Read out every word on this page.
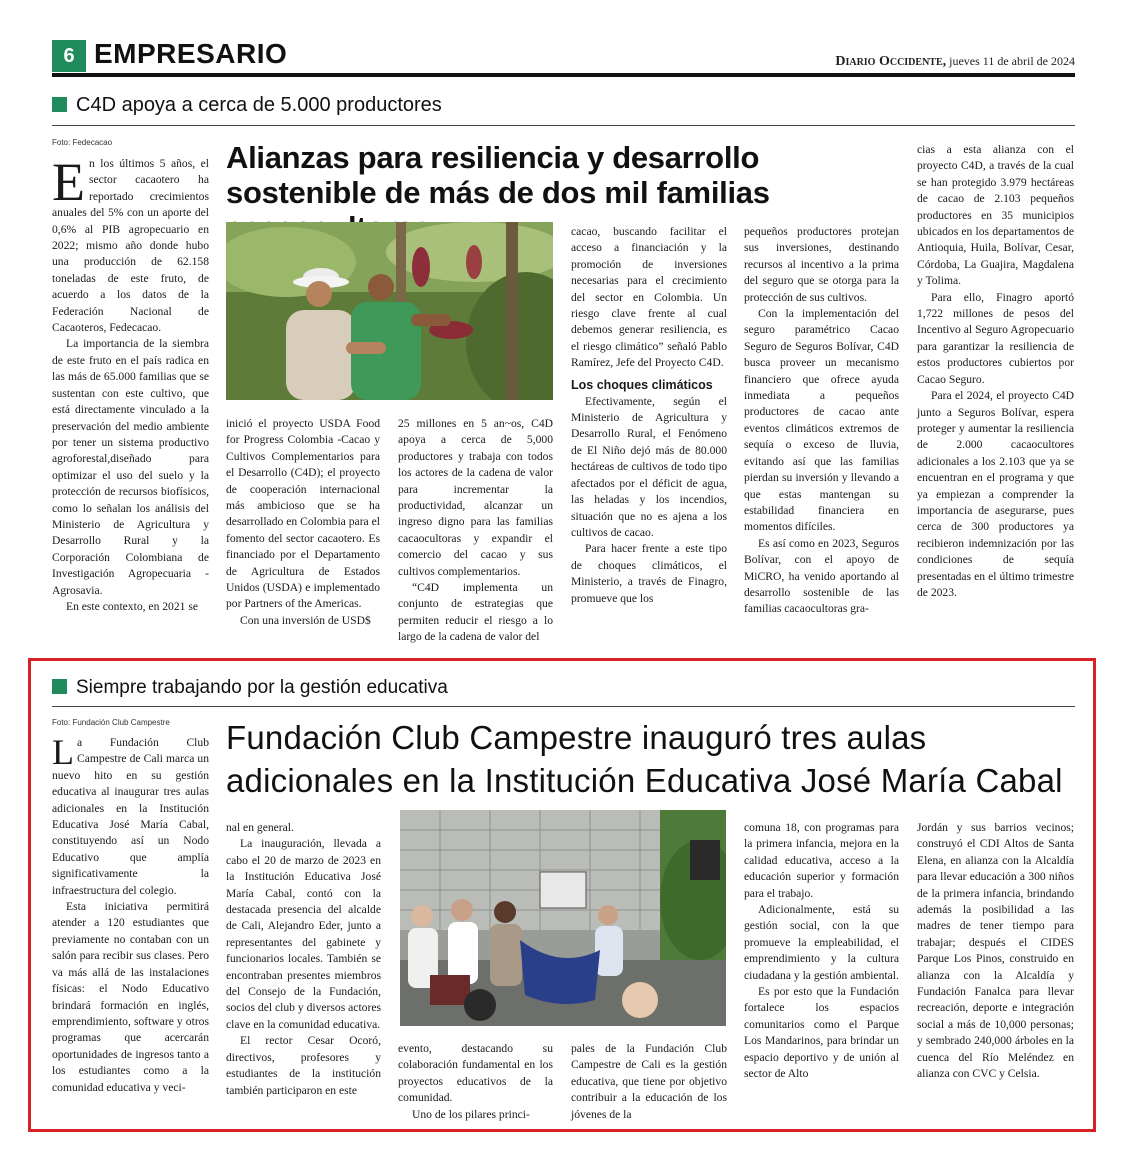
6 EMPRESARIO	Diario Occidente, jueves 11 de abril de 2024
C4D apoya a cerca de 5.000 productores
Foto: Fedecacao

En los últimos 5 años, el sector cacaotero ha reportado crecimientos anuales del 5% con un aporte del 0,6% al PIB agropecuario en 2022; mismo año donde hubo una producción de 62.158 toneladas de este fruto, de acuerdo a los datos de la Federación Nacional de Cacaoteros, Fedecacao.

La importancia de la siembra de este fruto en el país radica en las más de 65.000 familias que se sustentan con este cultivo, que está directamente vinculado a la preservación del medio ambiente por tener un sistema productivo agroforestal,diseñado para optimizar el uso del suelo y la protección de recursos biofísicos, como lo señalan los análisis del Ministerio de Agricultura y Desarrollo Rural y la Corporación Colombiana de Investigación Agropecuaria - Agrosavia.

En este contexto, en 2021 se

Alianzas para resiliencia y desarrollo sostenible de más de dos mil familias

inició el proyecto USDA Food for Progress Colombia -Cacao y Cultivos Complementarios para el Desarrollo (C4D); el proyecto de cooperación internacional más ambicioso que se ha desarrollado en Colombia para el fomento del sector cacaotero. Es financiado por el Departamento de Agricultura de Estados Unidos (USDA) e implementado por Partners of the Americas.

Con una inversión de USD$

25 millones en 5 an~os, C4D apoya a cerca de 5,000 productores y trabaja con todos los actores de la cadena de valor para incrementar la productividad, alcanzar un ingreso digno para las familias cacaocultoras y expandir el comercio del cacao y sus cultivos complementarios.

“C4D implementa un conjunto de estrategias que permiten reducir el riesgo a lo largo de la cadena de valor del

cacao, buscando facilitar el acceso a financiación y la promoción de inversiones necesarias para el crecimiento del sector en Colombia. Un riesgo clave frente al cual debemos generar resiliencia, es el riesgo climático” señaló Pablo Ramírez, Jefe del Proyecto C4D.

Los choques climáticos

Efectivamente, según el Ministerio de Agricultura y Desarrollo Rural, el Fenómeno de El Niño dejó más de 80.000 hectáreas de cultivos de todo tipo afectados por el déficit de agua, las heladas y los incendios, situación que no es ajena a los cultivos de cacao.

Para hacer frente a este tipo de choques climáticos, el Ministerio, a través de Finagro, promueve que los

pequeños productores protejan sus inversiones, destinando recursos al incentivo a la prima del seguro que se otorga para la protección de sus cultivos.

Con la implementación del seguro paramétrico Cacao Seguro de Seguros Bolívar, C4D busca proveer un mecanismo financiero que ofrece ayuda inmediata a pequeños productores de cacao ante eventos climáticos extremos de sequía o exceso de lluvia, evitando así que las familias pierdan su inversión y llevando a que estas mantengan su estabilidad financiera en momentos difíciles.

Es así como en 2023, Seguros Bolívar, con el apoyo de MiCRO, ha venido aportando al desarrollo sostenible de las familias cacaocultoras gra-

cias a esta alianza con el proyecto C4D, a través de la cual se han protegido 3.979 hectáreas de cacao de 2.103 pequeños productores en 35 municipios ubicados en los departamentos de Antioquia, Huila, Bolívar, Cesar, Córdoba, La Guajira, Magdalena y Tolima.

Para ello, Finagro aportó 1,722 millones de pesos del Incentivo al Seguro Agropecuario para garantizar la resiliencia de estos productores cubiertos por Cacao Seguro.

Para el 2024, el proyecto C4D junto a Seguros Bolívar, espera proteger y aumentar la resiliencia de 2.000 cacaocultores adicionales a los 2.103 que ya se encuentran en el programa y que ya empiezan a comprender la importancia de asegurarse, pues cerca de 300 productores ya recibieron indemnización por las condiciones de sequía presentadas en el último trimestre de 2023.

Siempre trabajando por la gestión educativa
Foto: Fundación Club Campestre

La Fundación Club Campestre de Cali marca un nuevo hito en su gestión educativa al inaugurar tres aulas adicionales en la Institución Educativa José María Cabal, constituyendo así un Nodo Educativo que amplía significativamente la infraestructura del colegio.

Esta iniciativa permitirá atender a 120 estudiantes que previamente no contaban con un salón para recibir sus clases. Pero va más allá de las instalaciones físicas: el Nodo Educativo brindará formación en inglés, emprendimiento, software y otros programas que acercarán oportunidades de ingresos tanto a los estudiantes como a la comunidad educativa y veci-

Fundación Club Campestre inauguró tres aulas adicionales en la Institución Educativa José María Cabal

nal en general.

La inauguración, llevada a cabo el 20 de marzo de 2023 en la Institución Educativa José María Cabal, contó con la destacada presencia del alcalde de Cali, Alejandro Eder, junto a representantes del gabinete y funcionarios locales. También se encontraban presentes miembros del Consejo de la Fundación, socios del club y diversos actores clave en la comunidad educativa.

El rector Cesar Ocoró, directivos, profesores y estudiantes de la institución también participaron en este

evento, destacando su colaboración fundamental en los proyectos educativos de la comunidad.

Uno de los pilares princi-

pales de la Fundación Club Campestre de Cali es la gestión educativa, que tiene por objetivo contribuir a la educación de los jóvenes de la

comuna 18, con programas para la primera infancia, mejora en la calidad educativa, acceso a la educación superior y formación para el trabajo.

Adicionalmente, está su gestión social, con la que promueve la empleabilidad, el emprendimiento y la cultura ciudadana y la gestión ambiental.

Es por esto que la Fundación fortalece los espacios comunitarios como el Parque Los Mandarinos, para brindar un espacio deportivo y de unión al sector de Alto

Jordán y sus barrios vecinos; construyó el CDI Altos de Santa Elena, en alianza con la Alcaldía para llevar educación a 300 niños de la primera infancia, brindando además la posibilidad a las madres de tener tiempo para trabajar; después el CIDES Parque Los Pinos, construido en alianza con la Alcaldía y Fundación Fanalca para llevar recreación, deporte e integración social a más de 10,000 personas; y sembrado 240,000 árboles en la cuenca del Río Meléndez en alianza con CVC y Celsia.
